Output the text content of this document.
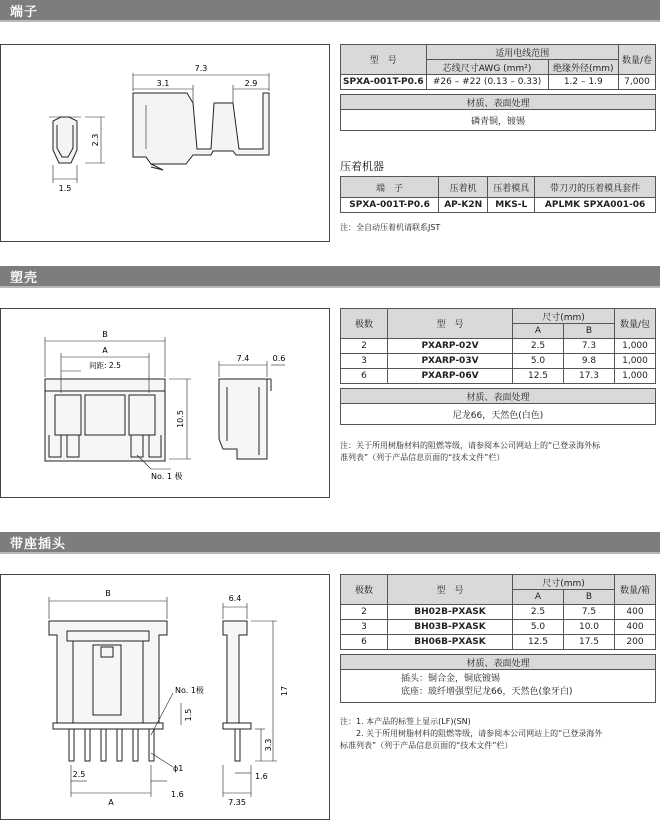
端子
7.3
3.1	2.9
2.3
1.5
型　号	适用电线范围		数量/卷
	芯线尺寸AWG (mm²)	绝缘外径(mm)	
SPXA-001T-P0.6	#26 – #22 (0.13 – 0.33)	1.2 – 1.9	7,000

材质、表面处理			
磷青铜，镀锡			
压着机器
端　子	压着机	压着模具	带刀刃的压着模具套件
SPXA-001T-P0.6	AP-K2N	MKS-L	APLMK SPXA001-06
注：全自动压着机请联系JST
塑壳
B
A
间距: 2.5
10.5
7.4	0.6
No. 1 极
极数	型　号	尺寸(mm)		数量/包
		A	B	
2	PXARP-02V	2.5	7.3	1,000
3	PXARP-03V	5.0	9.8	1,000
6	PXARP-06V	12.5	17.3	1,000

材质、表面处理				
尼龙66，天然色(白色)				
注：关于所用树脂材料的阻燃等级，请参阅本公司网站上的“已登录海外标
准列表”（列于产品信息页面的“技术文件”栏）
带座插头
B
A
2.5
1.6
6.4
17
No. 1极
1.5
ϕ1
3.3
1.6
7.35
极数	型　号	尺寸(mm)		数量/箱
		A	B	
2	BH02B-PXASK	2.5	7.5	400
3	BH03B-PXASK	5.0	10.0	400
6	BH06B-PXASK	12.5	17.5	200

材质、表面处理				

插头：铜合金，铜底镀锡
底座：玻纤增强型尼龙66，天然色(象牙白)				
注：1. 本产品的标签上显示(LF)(SN)
　　2. 关于所用树脂材料的阻燃等级，请参阅本公司网站上的“已登录海外
标准列表”（列于产品信息页面的“技术文件”栏）
